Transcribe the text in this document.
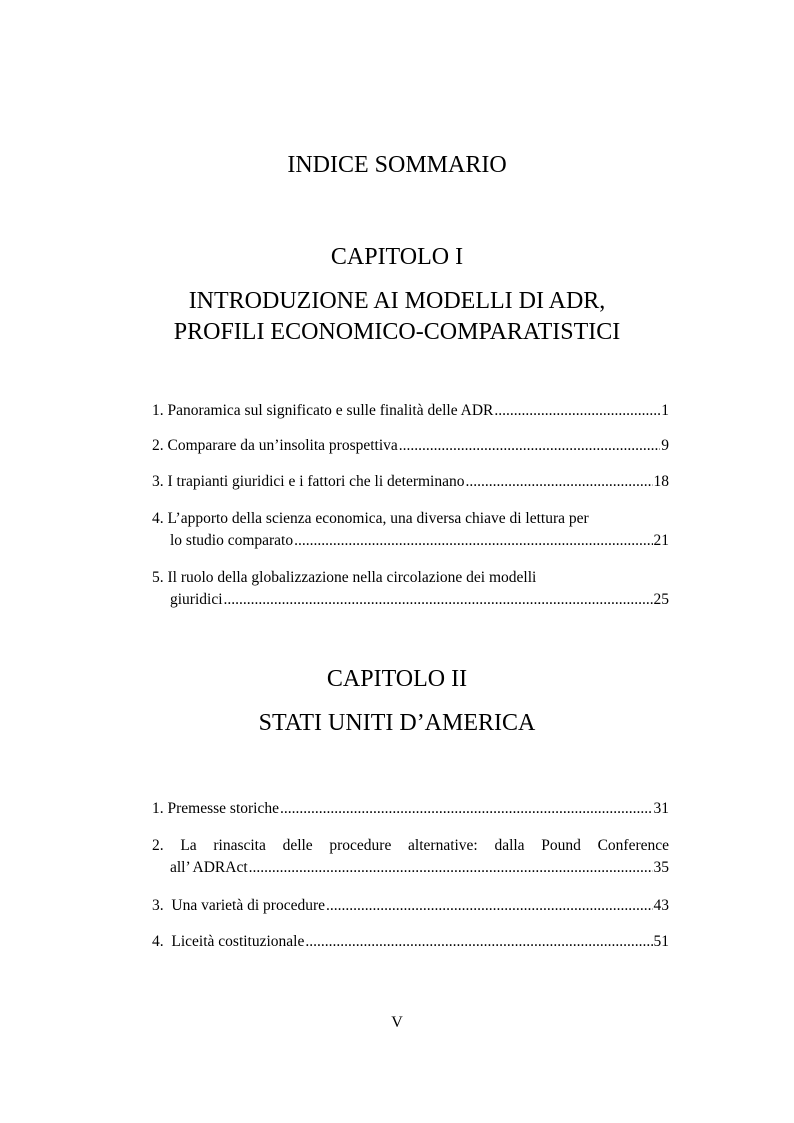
INDICE SOMMARIO
CAPITOLO I
INTRODUZIONE AI MODELLI DI ADR,
PROFILI ECONOMICO-COMPARATISTICI
1. Panoramica sul significato e sulle finalità delle ADR .....	1
2. Comparare da un’insolita prospettiva .....	9
3. I trapianti giuridici e i fattori che li determinano .....	18
4. L’apporto della scienza economica, una diversa chiave di lettura per
lo studio comparato .....	21
5. Il ruolo della globalizzazione nella circolazione dei modelli
giuridici .....	25
CAPITOLO II
STATI UNITI D’AMERICA
1. Premesse storiche .....	31
2. La rinascita delle procedure alternative: dalla Pound Conference
all’ ADRAct .....	35
3.  Una varietà di procedure .....	43
4.  Liceità costituzionale .....	51
V
